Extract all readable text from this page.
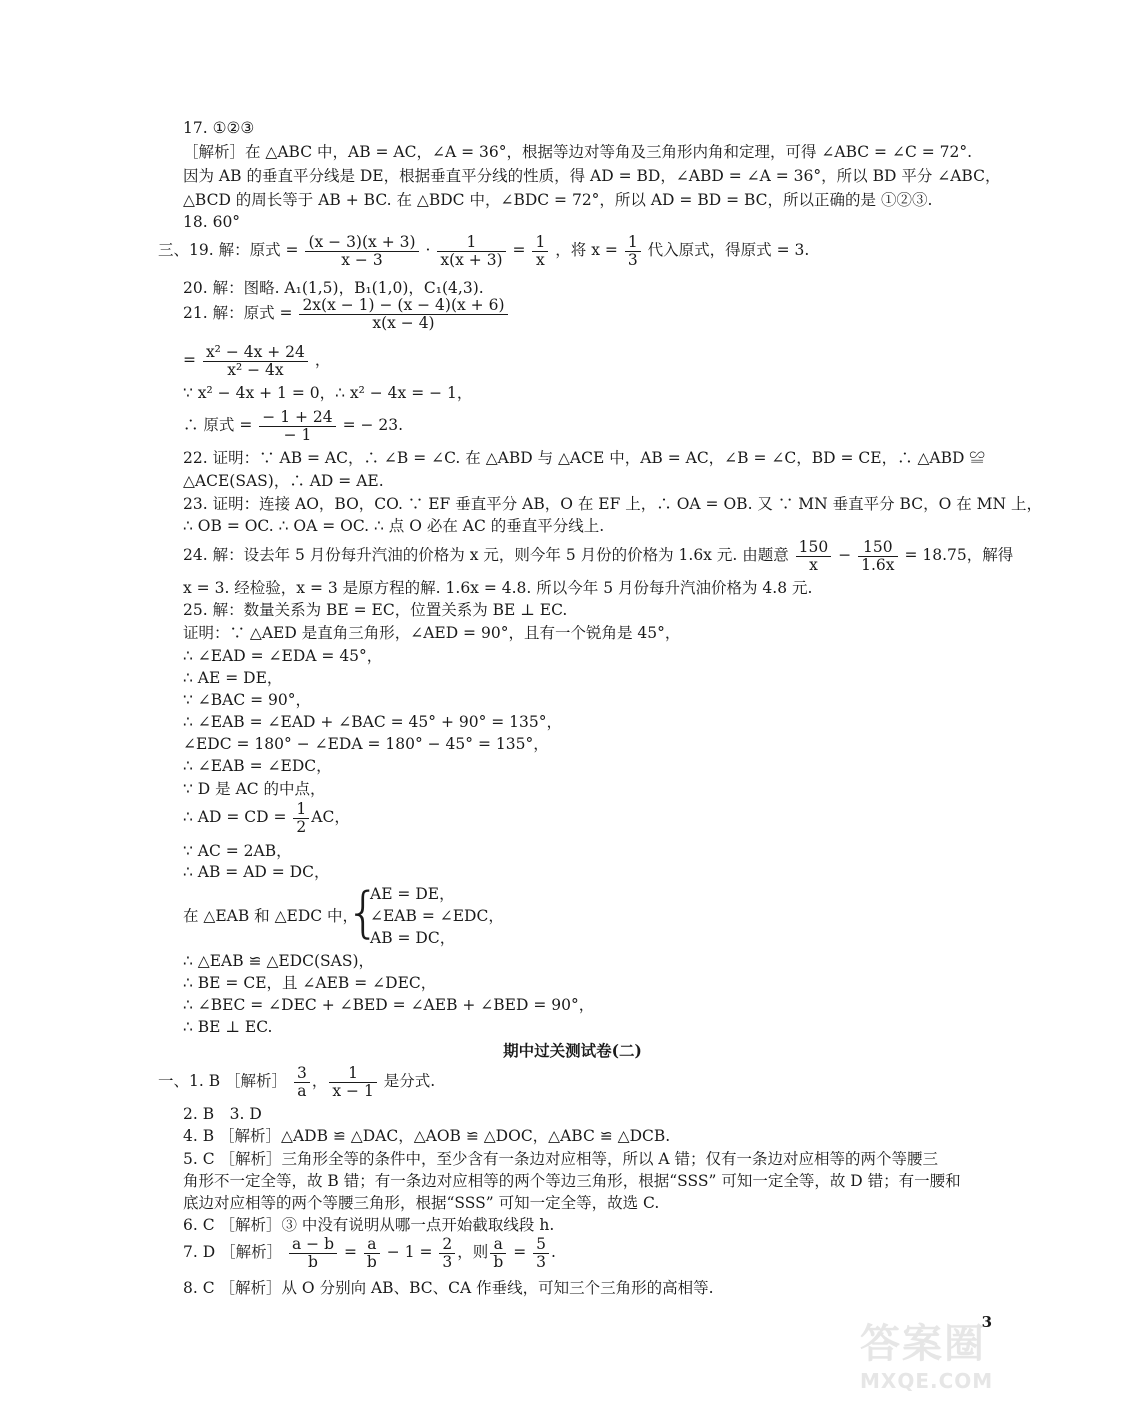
17. ①②③
［解析］在 △ABC 中，AB = AC，∠A = 36°，根据等边对等角及三角形内角和定理，可得 ∠ABC = ∠C = 72°.
因为 AB 的垂直平分线是 DE，根据垂直平分线的性质，得 AD = BD，∠ABD = ∠A = 36°，所以 BD 平分 ∠ABC，
△BCD 的周长等于 AB + BC. 在 △BDC 中，∠BDC = 72°，所以 AD = BD = BC，所以正确的是 ①②③.
18. 60°
三、19. 解：原式 = $\frac{(x - 3)(x + 3)}{x - 3} \cdot \frac{1}{x(x + 3)} = \frac{1}{x}$ ，将 $x = \frac{1}{3}$ 代入原式，得原式 = 3.
20. 解：图略. A₁(1,5)，B₁(1,0)，C₁(4,3).
21. 解：原式 = $\frac{2x(x - 1) - (x - 4)(x + 6)}{x(x - 4)}$
= $\frac{\text{x² − 4x + 24}}{\text{x² − 4x}}$ ，
∵ x² − 4x + 1 = 0，∴ x² − 4x = − 1，
∴ 原式 = $\frac{- 1 + 24}{- 1}$ = − 23.
22. 证明：∵ AB = AC，∴ ∠B = ∠C. 在 △ABD 与 △ACE 中，AB = AC，∠B = ∠C，BD = CE，∴ △ABD ≌
△ACE(SAS)，∴ AD = AE.
23. 证明：连接 AO，BO，CO. ∵ EF 垂直平分 AB，O 在 EF 上，∴ OA = OB. 又 ∵ MN 垂直平分 BC，O 在 MN 上，
∴ OB = OC. ∴ OA = OC. ∴ 点 O 必在 AC 的垂直平分线上.
24. 解：设去年 5 月份每升汽油的价格为 x 元，则今年 5 月份的价格为 1.6x 元. 由题意 $\frac{150}{x} - \frac{150}{1.6x} = 18.75$，解得
x = 3. 经检验，x = 3 是原方程的解. 1.6x = 4.8. 所以今年 5 月份每升汽油价格为 4.8 元.
25. 解：数量关系为 BE = EC，位置关系为 BE ⊥ EC.
证明：∵ △AED 是直角三角形，∠AED = 90°，且有一个锐角是 45°，
∴ ∠EAD = ∠EDA = 45°，
∴ AE = DE，
∵ ∠BAC = 90°，
∴ ∠EAB = ∠EAD + ∠BAC = 45° + 90° = 135°，
∠EDC = 180° − ∠EDA = 180° − 45° = 135°，
∴ ∠EAB = ∠EDC，
∵ D 是 AC 的中点，
∴ AD = CD = $\frac{1}{2}$ AC，
∵ AC = 2AB，
∴ AB = AD = DC，
在 △EAB 和 △EDC 中，
{
AE = DE，
∠EAB = ∠EDC，
AB = DC，
∴ △EAB ≌ △EDC(SAS)，
∴ BE = CE，且 ∠AEB = ∠DEC，
∴ ∠BEC = ∠DEC + ∠BED = ∠AEB + ∠BED = 90°，
∴ BE ⊥ EC.
期中过关测试卷(二)
一、1. B ［解析］ $\frac{3}{a}$ ， $\frac{1}{x - 1}$ 是分式.
2. B　3. D
4. B ［解析］△ADB ≌ △DAC，△AOB ≌ △DOC，△ABC ≌ △DCB.
5. C ［解析］三角形全等的条件中，至少含有一条边对应相等，所以 A 错；仅有一条边对应相等的两个等腰三
角形不一定全等，故 B 错；有一条边对应相等的两个等边三角形，根据“SSS” 可知一定全等，故 D 错；有一腰和
底边对应相等的两个等腰三角形，根据“SSS” 可知一定全等，故选 C.
6. C ［解析］③ 中没有说明从哪一点开始截取线段 h.
7. D ［解析］ $\frac{a - b}{b} = \frac{a}{b} - 1 = \frac{2}{3}$ ，则 $\frac{a}{b} = \frac{5}{3}$ .
8. C ［解析］从 O 分别向 AB、BC、CA 作垂线，可知三个三角形的高相等.
3
答案圈
MXQE.COM
